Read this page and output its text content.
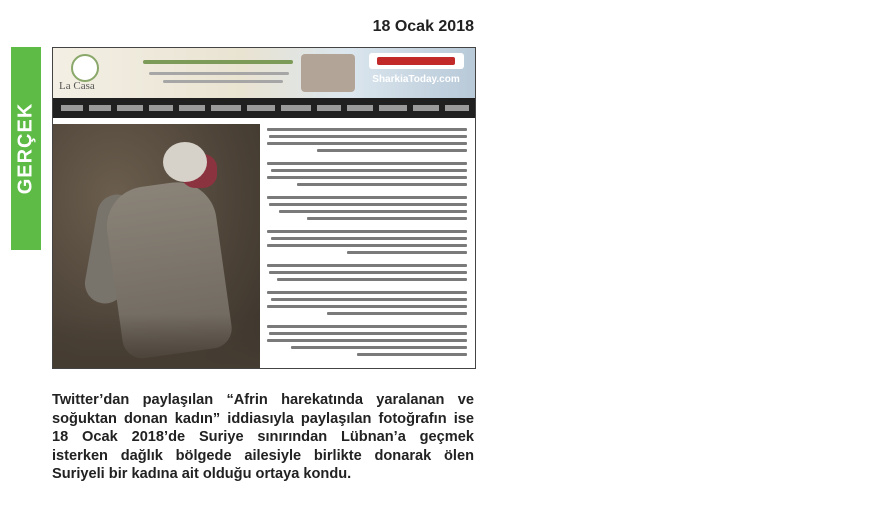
18 Ocak 2018
GERÇEK
La Casa
SharkiaToday.com
Twitter’dan paylaşılan “Afrin harekatında yaralanan ve soğuktan donan kadın” iddiasıyla paylaşılan fotoğrafın ise 18 Ocak 2018’de Suriye sınırından Lübnan’a geçmek isterken dağlık bölgede ailesiyle birlikte donarak ölen Suriyeli bir kadına ait olduğu ortaya kondu.
